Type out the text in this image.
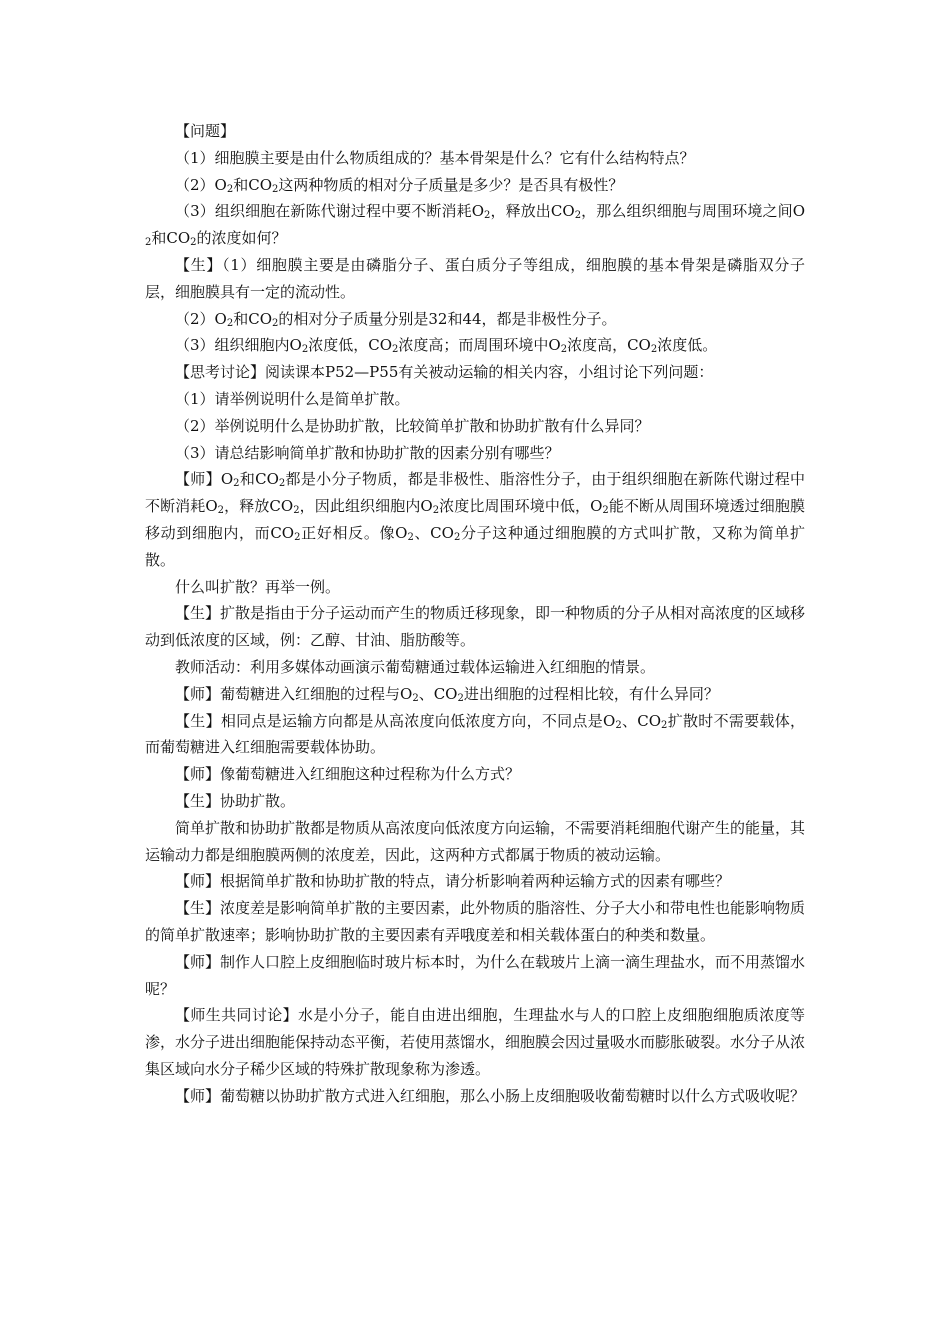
【问题】

（1）细胞膜主要是由什么物质组成的？基本骨架是什么？它有什么结构特点？

$(2)O_2$和$CO_2$这两种物质的相对分子质量是多少？是否具有极性？

（3）组织细胞在新陈代谢过程中要不断消耗$O_2$，释放出$CO_2$，那么组织细胞与周围环境之间$O_2$和$CO_2$的浓度如何？

【生】（1）细胞膜主要是由磷脂分子、蛋白质分子等组成，细胞膜的基本骨架是磷脂双分子层，细胞膜具有一定的流动性。

$(2)O_2$和$CO_2$的相对分子质量分别是32和44，都是非极性分子。

（3）组织细胞内$O_2$浓度低，$CO_2$浓度高；而周围环境中$O_2$浓度高，$CO_2$浓度低。

【思考讨论】阅读课本P52—P55有关被动运输的相关内容，小组讨论下列问题：

（1）请举例说明什么是简单扩散。

（2）举例说明什么是协助扩散，比较简单扩散和协助扩散有什么异同？

（3）请总结影响简单扩散和协助扩散的因素分别有哪些？

【师】$O_2$和$CO_2$都是小分子物质，都是非极性、脂溶性分子，由于组织细胞在新陈代谢过程中不断消耗$O_2$，释放$CO_2$，因此组织细胞内$O_2$浓度比周围环境中低，$O_2$能不断从周围环境透过细胞膜移动到细胞内，而$CO_2$正好相反。像$O_2$、$CO_2$分子这种通过细胞膜的方式叫扩散，又称为简单扩散。

什么叫扩散？再举一例。

【生】扩散是指由于分子运动而产生的物质迁移现象，即一种物质的分子从相对高浓度的区域移动到低浓度的区域，例：乙醇、甘油、脂肪酸等。

教师活动：利用多媒体动画演示葡萄糖通过载体运输进入红细胞的情景。

【师】葡萄糖进入红细胞的过程与$O_2$、$CO_2$进出细胞的过程相比较，有什么异同？

【生】相同点是运输方向都是从高浓度向低浓度方向，不同点是$O_2$、$CO_2$扩散时不需要载体，而葡萄糖进入红细胞需要载体协助。

【师】像葡萄糖进入红细胞这种过程称为什么方式？

【生】协助扩散。

简单扩散和协助扩散都是物质从高浓度向低浓度方向运输，不需要消耗细胞代谢产生的能量，其运输动力都是细胞膜两侧的浓度差，因此，这两种方式都属于物质的被动运输。

【师】根据简单扩散和协助扩散的特点，请分析影响着两种运输方式的因素有哪些？

【生】浓度差是影响简单扩散的主要因素，此外物质的脂溶性、分子大小和带电性也能影响物质的简单扩散速率；影响协助扩散的主要因素有弄哦度差和相关载体蛋白的种类和数量。

【师】制作人口腔上皮细胞临时玻片标本时，为什么在载玻片上滴一滴生理盐水，而不用蒸馏水呢？

【师生共同讨论】水是小分子，能自由进出细胞，生理盐水与人的口腔上皮细胞细胞质浓度等渗，水分子进出细胞能保持动态平衡，若使用蒸馏水，细胞膜会因过量吸水而膨胀破裂。水分子从浓集区域向水分子稀少区域的特殊扩散现象称为渗透。

【师】葡萄糖以协助扩散方式进入红细胞，那么小肠上皮细胞吸收葡萄糖时以什么方式吸收呢？
